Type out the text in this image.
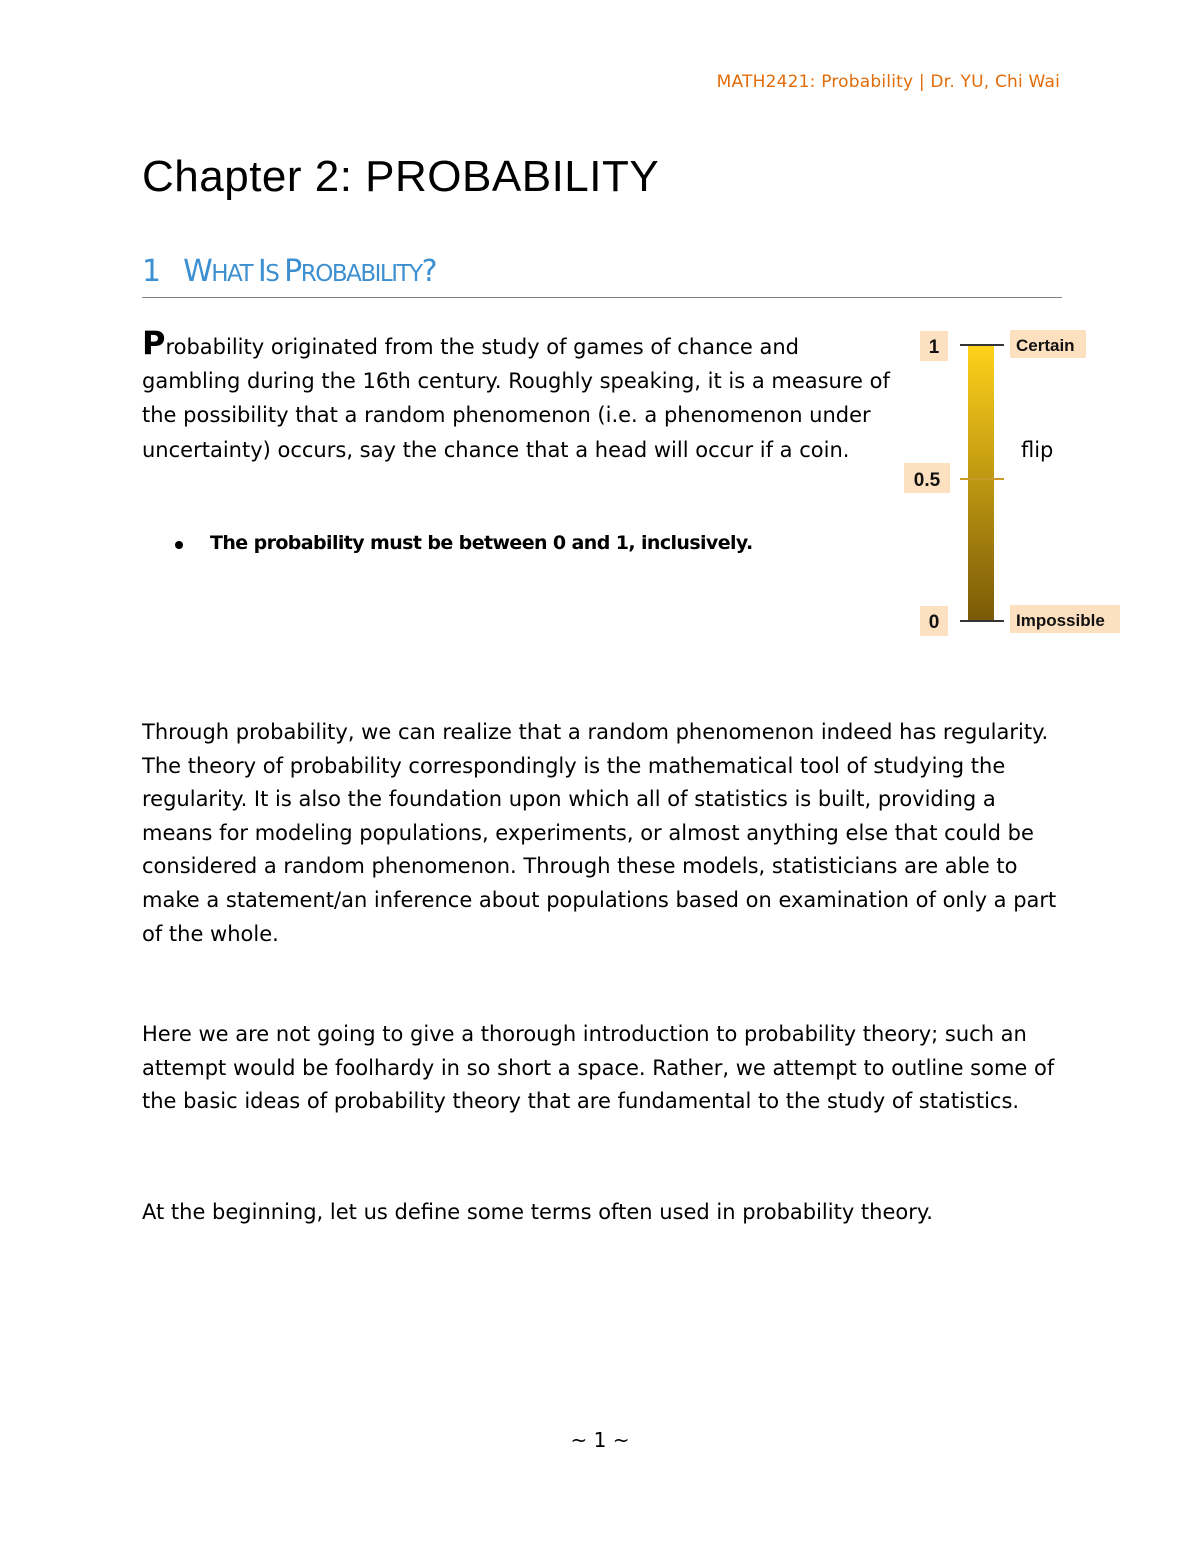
MATH2421: Probability | Dr. YU, Chi Wai
Chapter 2: PROBABILITY
1 WHAT IS PROBABILITY?

Probability originated from the study of games of chance and gambling during the 16th century. Roughly speaking, it is a measure of the possibility that a random phenomenon (i.e. a phenomenon under uncertainty) occurs, say the chance that a head will occur if a coin.

The probability must be between 0 and 1, inclusively.
1
0.5
0
Certain
Impossible
flip

Through probability, we can realize that a random phenomenon indeed has regularity. The theory of probability correspondingly is the mathematical tool of studying the regularity. It is also the foundation upon which all of statistics is built, providing a means for modeling populations, experiments, or almost anything else that could be considered a random phenomenon. Through these models, statisticians are able to make a statement/an inference about populations based on examination of only a part of the whole.

Here we are not going to give a thorough introduction to probability theory; such an attempt would be foolhardy in so short a space. Rather, we attempt to outline some of the basic ideas of probability theory that are fundamental to the study of statistics.

At the beginning, let us define some terms often used in probability theory.

~ 1 ~
